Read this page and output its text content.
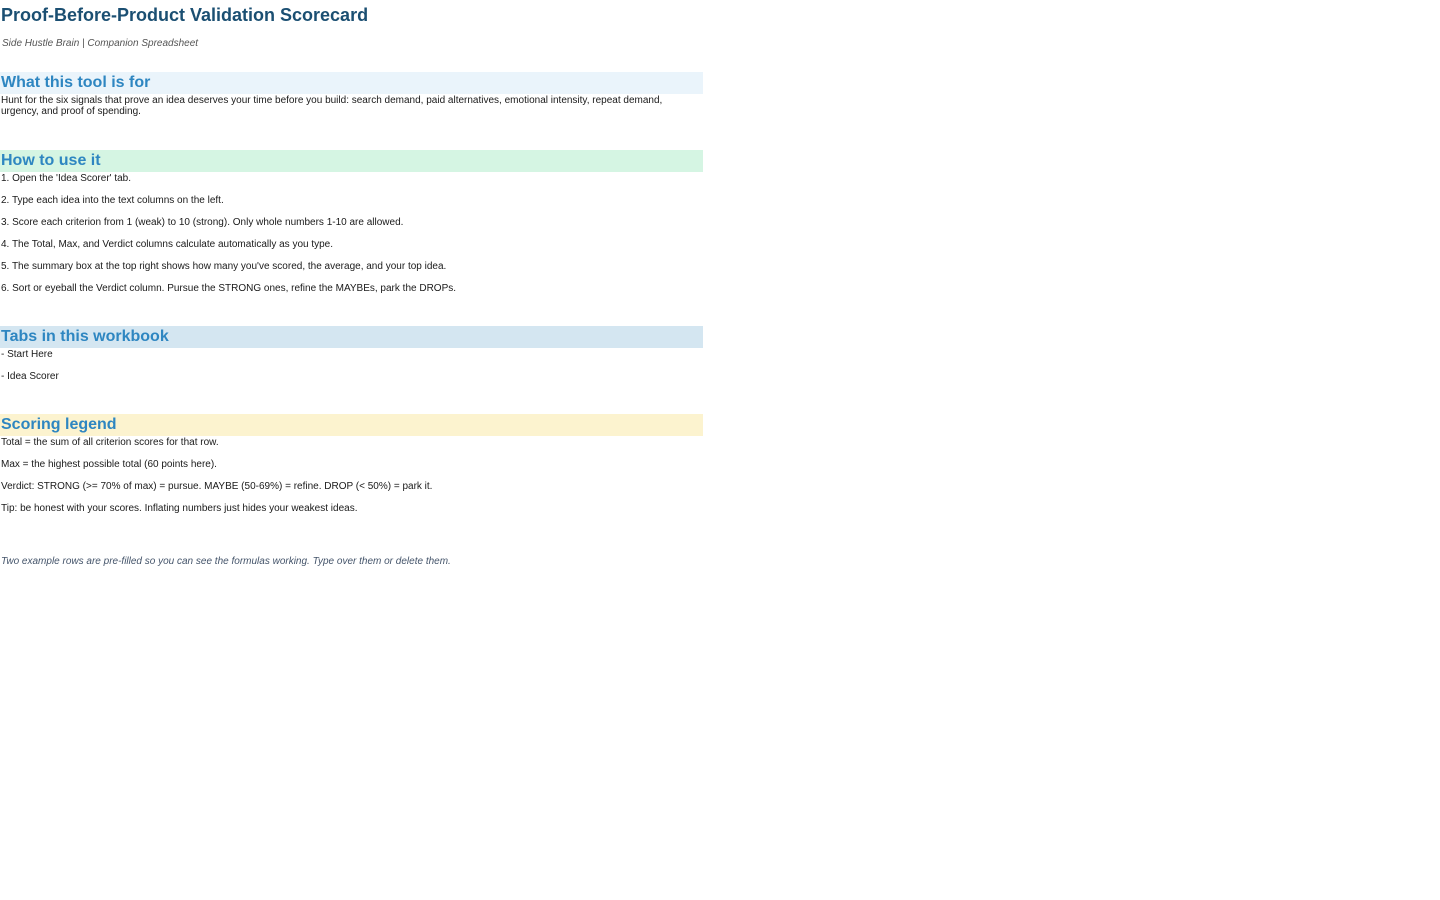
Proof-Before-Product Validation Scorecard
Side Hustle Brain | Companion Spreadsheet
What this tool is for
Hunt for the six signals that prove an idea deserves your time before you build: search demand, paid alternatives, emotional intensity, repeat demand, urgency, and proof of spending.
How to use it
1. Open the 'Idea Scorer' tab.
2. Type each idea into the text columns on the left.
3. Score each criterion from 1 (weak) to 10 (strong). Only whole numbers 1-10 are allowed.
4. The Total, Max, and Verdict columns calculate automatically as you type.
5. The summary box at the top right shows how many you've scored, the average, and your top idea.
6. Sort or eyeball the Verdict column. Pursue the STRONG ones, refine the MAYBEs, park the DROPs.
Tabs in this workbook
- Start Here
- Idea Scorer
Scoring legend
Total = the sum of all criterion scores for that row.
Max = the highest possible total (60 points here).
Verdict: STRONG (>= 70% of max) = pursue. MAYBE (50-69%) = refine. DROP (< 50%) = park it.
Tip: be honest with your scores. Inflating numbers just hides your weakest ideas.
Two example rows are pre-filled so you can see the formulas working. Type over them or delete them.
